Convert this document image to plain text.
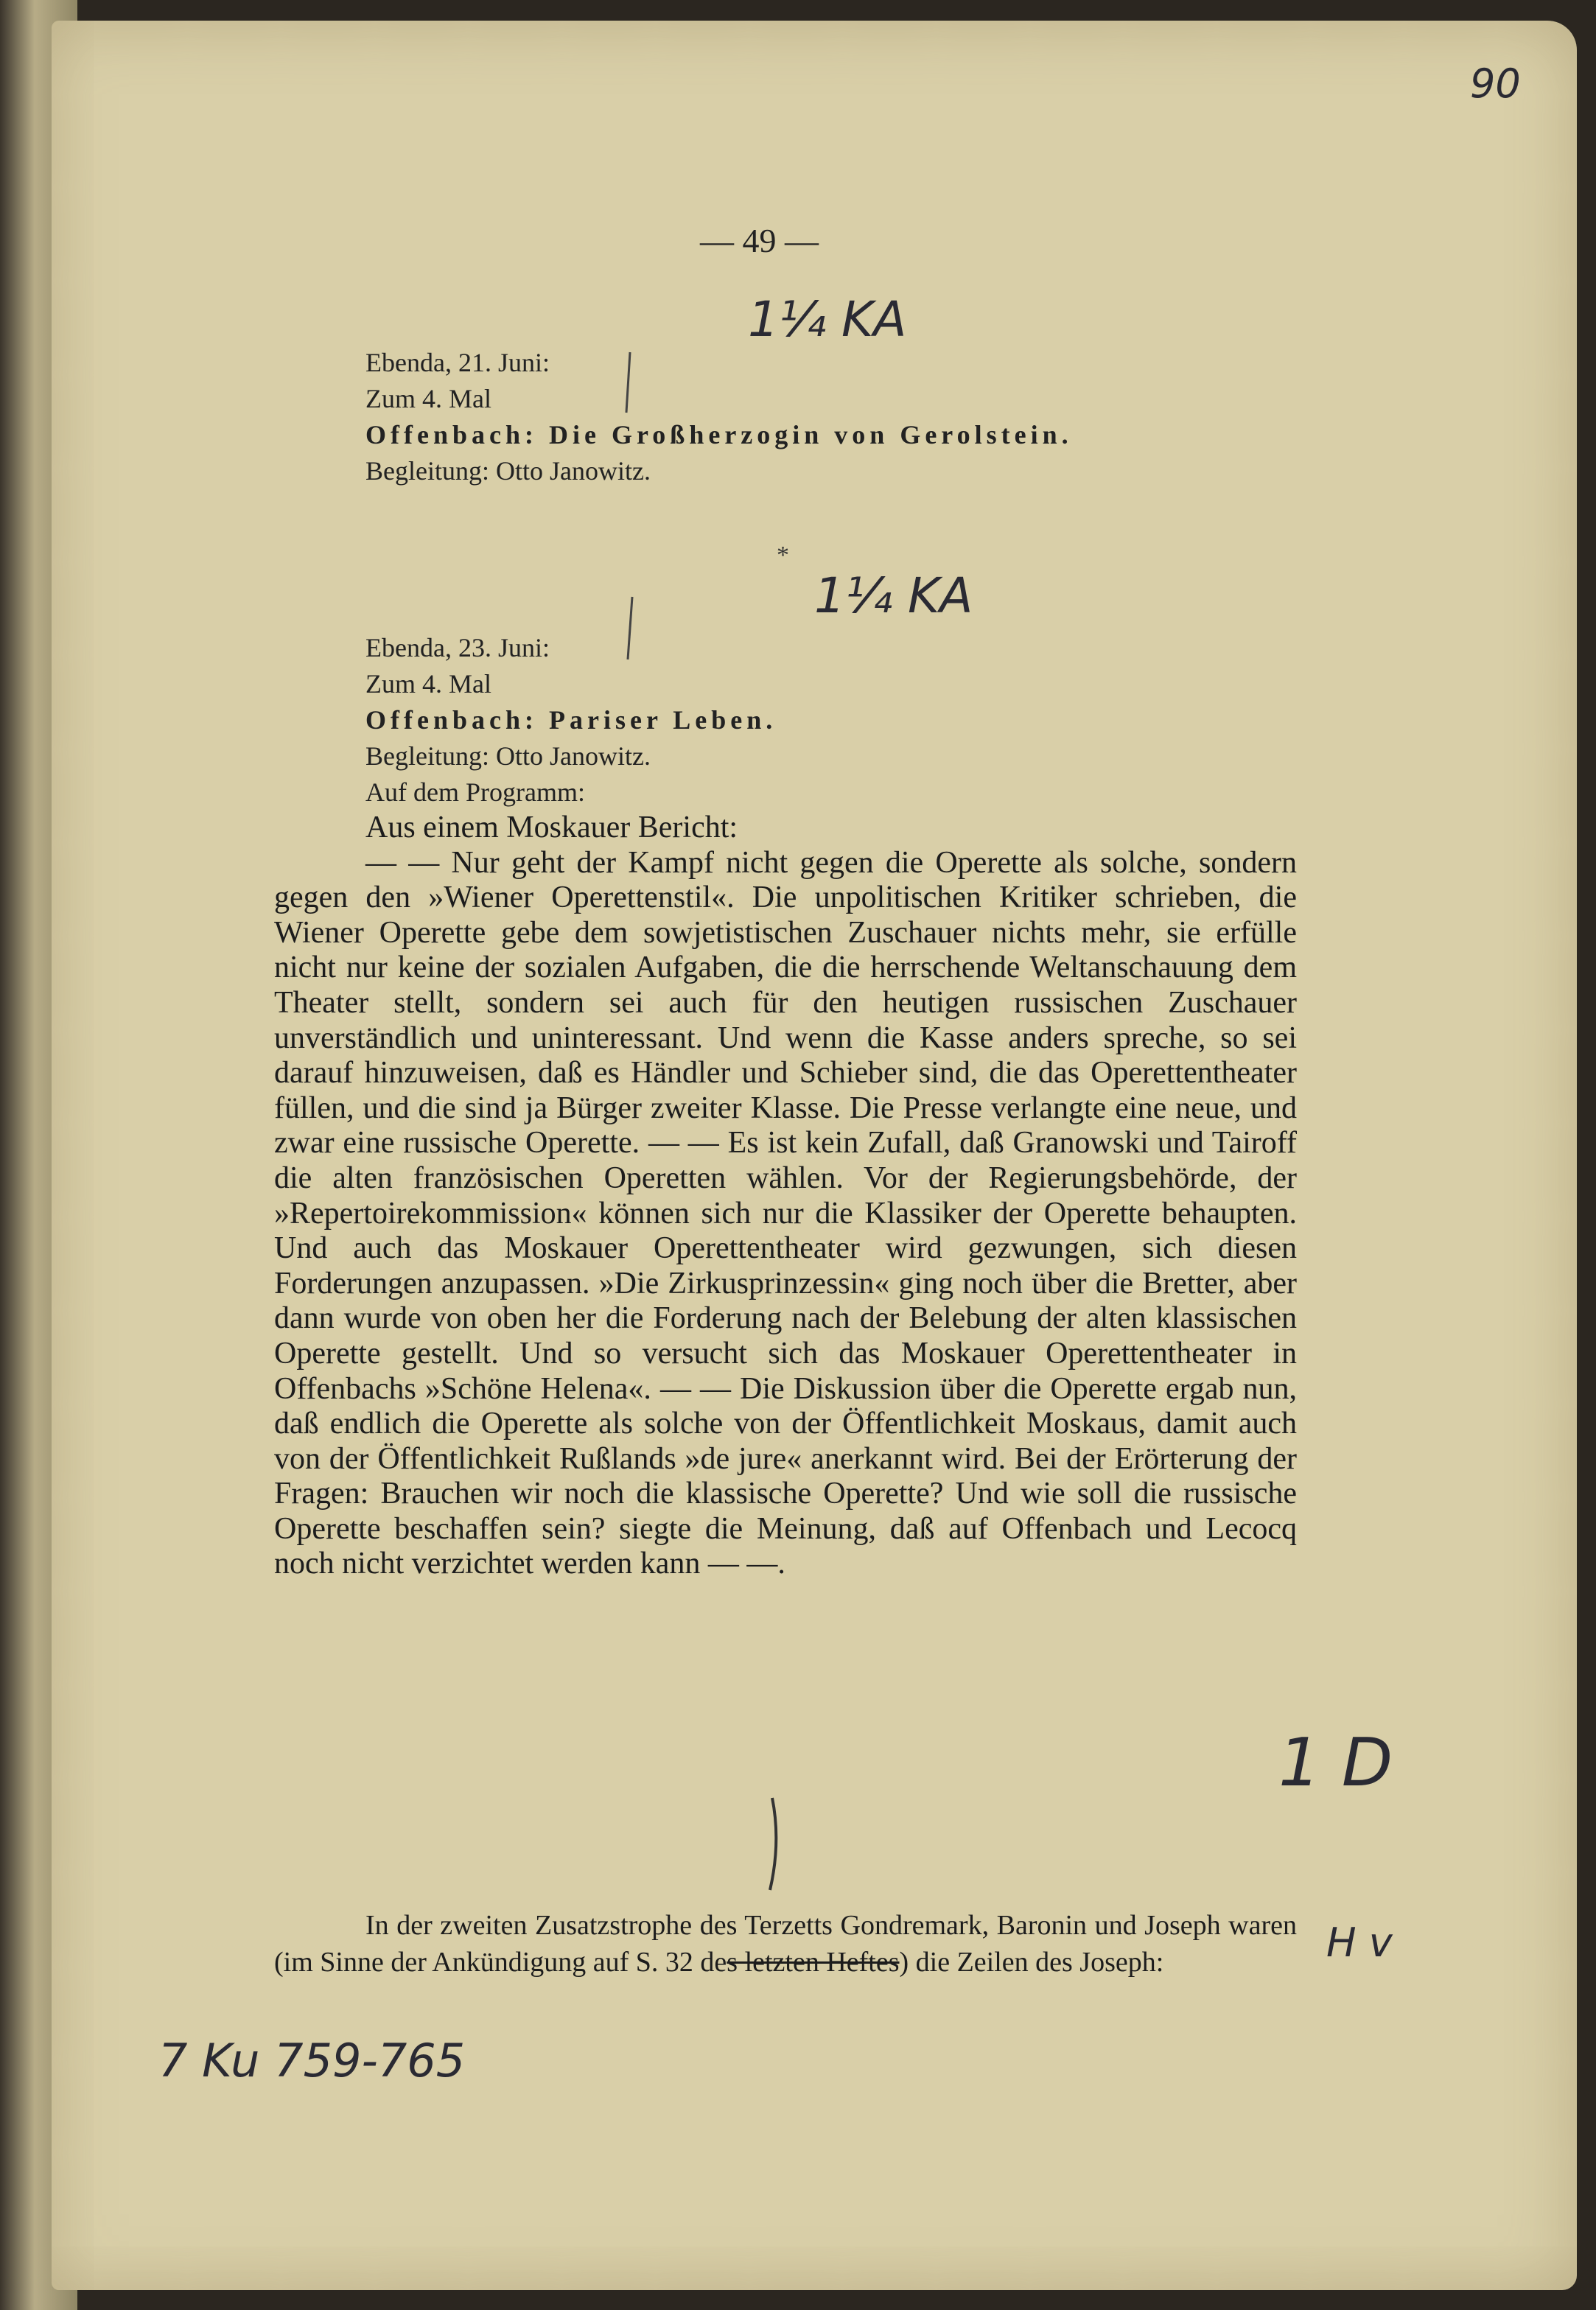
90
— 49 —
Ebenda, 21. Juni:
Zum 4. Mal
Offenbach: Die Großherzogin von Gerolstein.
Begleitung: Otto Janowitz.
1¼ KA
*
1¼ KA
Ebenda, 23. Juni:
Zum 4. Mal
Offenbach: Pariser Leben.
Begleitung: Otto Janowitz.
Auf dem Programm:

Aus einem Moskauer Bericht:

— — Nur geht der Kampf nicht gegen die Operette als solche, sondern gegen den »Wiener Operettenstil«. Die unpolitischen Kritiker schrieben, die Wiener Operette gebe dem sowjetistischen Zuschauer nichts mehr, sie erfülle nicht nur keine der sozialen Aufgaben, die die herrschende Weltanschauung dem Theater stellt, sondern sei auch für den heutigen russischen Zuschauer unverständlich und uninteressant. Und wenn die Kasse anders spreche, so sei darauf hinzuweisen, daß es Händler und Schieber sind, die das Operettentheater füllen, und die sind ja Bürger zweiter Klasse. Die Presse verlangte eine neue, und zwar eine russische Operette. — — Es ist kein Zufall, daß Granowski und Tairoff die alten französischen Operetten wählen. Vor der Regierungsbehörde, der »Repertoirekommission« können sich nur die Klassiker der Operette behaupten. Und auch das Moskauer Operettentheater wird gezwungen, sich diesen Forderungen anzupassen. »Die Zirkusprinzessin« ging noch über die Bretter, aber dann wurde von oben her die Forderung nach der Belebung der alten klassischen Operette gestellt. Und so versucht sich das Moskauer Operettentheater in Offenbachs »Schöne Helena«. — — Die Diskussion über die Operette ergab nun, daß endlich die Operette als solche von der Öffentlichkeit Moskaus, damit auch von der Öffentlichkeit Rußlands »de jure« anerkannt wird. Bei der Erörterung der Fragen: Brauchen wir noch die klassische Operette? Und wie soll die russische Operette beschaffen sein? siegte die Meinung, daß auf Offenbach und Lecocq noch nicht verzichtet werden kann — —.

1 D
In der zweiten Zusatzstrophe des Terzetts Gondremark, Baronin und Joseph waren (im Sinne der Ankündigung auf S. 32 des letzten Heftes) die Zeilen des Joseph:	H v
7 Ku 759-765
